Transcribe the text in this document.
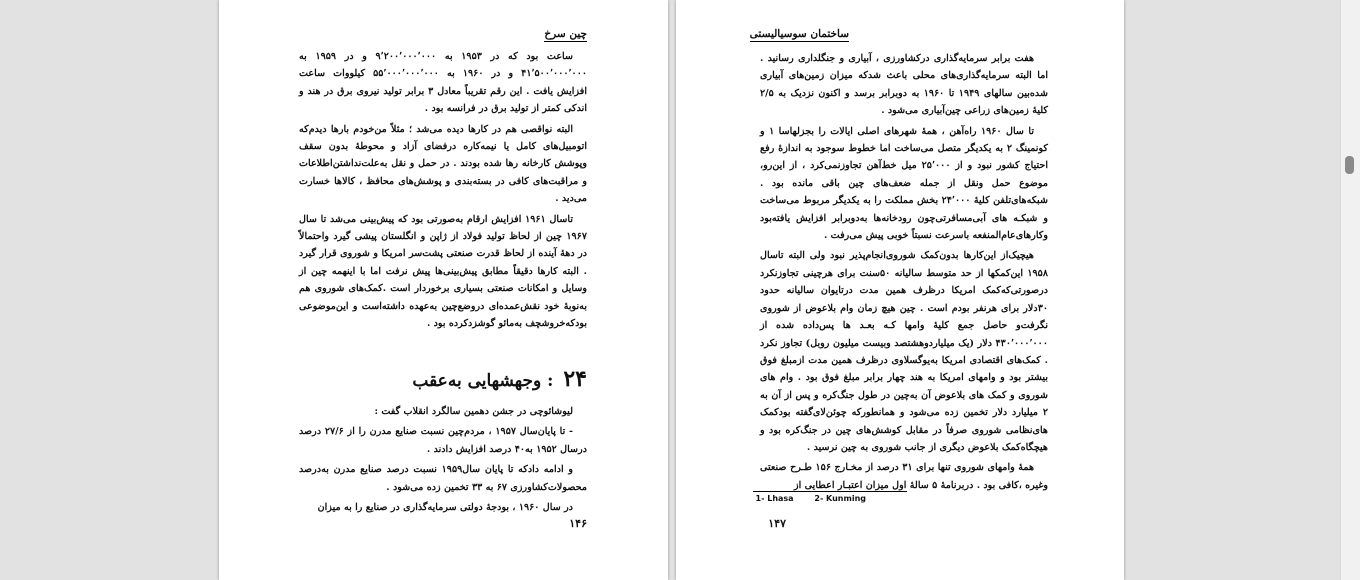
چین سرخ

ساعت بود که در ۱۹۵۳ به ۹٬۲۰۰٬۰۰۰٬۰۰۰ و در ۱۹۵۹ به ۴۱٬۵۰۰٬۰۰۰٬۰۰۰ و در ۱۹۶۰ به ۵۵٬۰۰۰٬۰۰۰٬۰۰۰ کیلووات ساعت افزایش یافت . این رقم تقریباً معادل ۳ برابر تولید نیروی برق در هند و اندکی کمتر از تولید برق در فرانسه بود .

البته نواقصی هم در کارها دیده می‌شد ؛ مثلاً من‌خودم بارها دیدم‌که اتومبیل‌های کامل یا نیمه‌کاره درفضای آزاد و محوطهٔ بدون سقف وپوشش کارخانه رها شده بودند . در حمل و نقل به‌علت‌نداشتن‌اطلاعات و مراقبت‌های کافی در بسته‌بندی و پوشش‌های محافظ ، کالاها خسارت می‌دید .

تاسال ۱۹۶۱ افزایش ارقام به‌صورتی بود که پیش‌بینی می‌شد تا سال ۱۹۶۷ چین از لحاظ تولید فولاد از ژاپن و انگلستان پیشی گیرد واحتمالاً در دههٔ آینده از لحاظ قدرت صنعتی پشت‌سر امریکا و شوروی قرار گیرد . البته کارها دقیقاً مطابق پیش‌بینی‌ها پیش نرفت اما با اینهمه چین از وسایل و امکانات صنعتی بسیاری برخوردار است .کمک‌های شوروی هم به‌نوبهٔ خود نقش‌عمده‌ای دروضع‌چین به‌عهده داشته‌است و این‌موضوعی بودکه‌خروشچف به‌مائو گوشزدکرده بود .

۲۴ : وجهشهایی به‌عقب

لیوشائوچی در جشن دهمین سالگرد انقلاب گفت :

- تا پایان‌سال ۱۹۵۷ ، مردم‌چین نسبت صنایع مدرن را از ۲۷/۶ درصد درسال ۱۹۵۲ به۴۰ درصد افزایش دادند .

و ادامه دادکه تا پایان سال۱۹۵۹ نسبت درصد صنایع مدرن به‌درصد محصولات‌کشاورزی ۶۷ به ۳۳ تخمین زده می‌شود .

در سال ۱۹۶۰ ، بودجهٔ دولتی سرمایه‌گذاری در صنایع را به میزان

۱۴۶
ساختمان سوسیالیستی

هفت برابر سرمایه‌گذاری درکشاورزی ، آبیاری و جنگلداری رسانید . اما البته سرمایه‌گذاری‌های محلی باعث شدکه میزان زمین‌های آبیاری شده‌بین سالهای ۱۹۴۹ تا ۱۹۶۰ به دوبرابر برسد و اکنون نزدیک به ۲/۵ کلیهٔ زمین‌های زراعی چین‌آبیاری می‌شود .

تا سال ۱۹۶۰ راه‌آهن ، همهٔ شهرهای اصلی ایالات را بجزلهاسا ۱ و کونمینگ ۲ به یکدیگر متصل می‌ساخت اما خطوط سوجود به اندازهٔ رفع احتیاج کشور نبود و از ۲۵٬۰۰۰ میل خط‌آهن تجاوزنمی‌کرد ، از این‌رو، موضوع حمل ونقل از جمله ضعف‌های چین باقی مانده بود . شبکه‌های‌تلفن کلیهٔ ۲۴٬۰۰۰ بخش مملکت را به یکدیگر مربوط می‌ساخت و شبکـه های آبی‌مسافرتی‌چون رودخانه‌ها به‌دوبرابر افزایش یافته‌بود وکارهای‌عام‌المنفعه باسرعت نسبتاً خوبی پیش می‌رفت .

هیچیک‌از این‌کارها بدون‌کمک شوروی‌انجام‌پذیر نبود ولی البته تاسال ۱۹۵۸ این‌کمکها از حد متوسط سالیانه ۵۰سنت برای هرچینی تجاوزنکرد درصورتی‌که‌کمک امریکا درظرف همین مدت درتایوان سالیانه حدود ۳۰دلار برای هرنفر بودم است . چین هیچ زمان وام بلاعوض از شوروی نگرفت‌و حاصل جمع کلیهٔ وامها کـه بعـد ها پس‌داده شده از ۴۳۰٬۰۰۰٬۰۰۰ دلار (یک میلیاردوهشتصد وبیست میلیون روبل) تجاوز نکرد . کمک‌های اقتصادی امریکا به‌یوگسلاوی درظرف همین مدت ازمبلغ فوق بیشتر بود و وامهای امریکا به هند چهار برابر مبلغ فوق بود . وام های شوروی و کمک های بلاعوض آن به‌چین در طول جنگ‌کره و پس از آن به ۲ میلیارد دلار تخمین زده می‌شود و همانطورکه چوئن‌لای‌گفته بودکمک های‌نظامی شوروی صرفاً در مقابل کوشش‌های چین در جنگ‌کره بود و هیچگاه‌کمک بلاعوض دیگری از جانب شوروی به چین نرسید .

همهٔ وامهای شوروی تنها برای ۳۱ درصد از مخـارج ۱۵۶ طـرح صنعتی وغیره ،کافی بود . دربرنامهٔ ۵ سالهٔ اول میزان اعتبـار اعطایی از

1- Lhasa	2- Kunming
۱۴۷
